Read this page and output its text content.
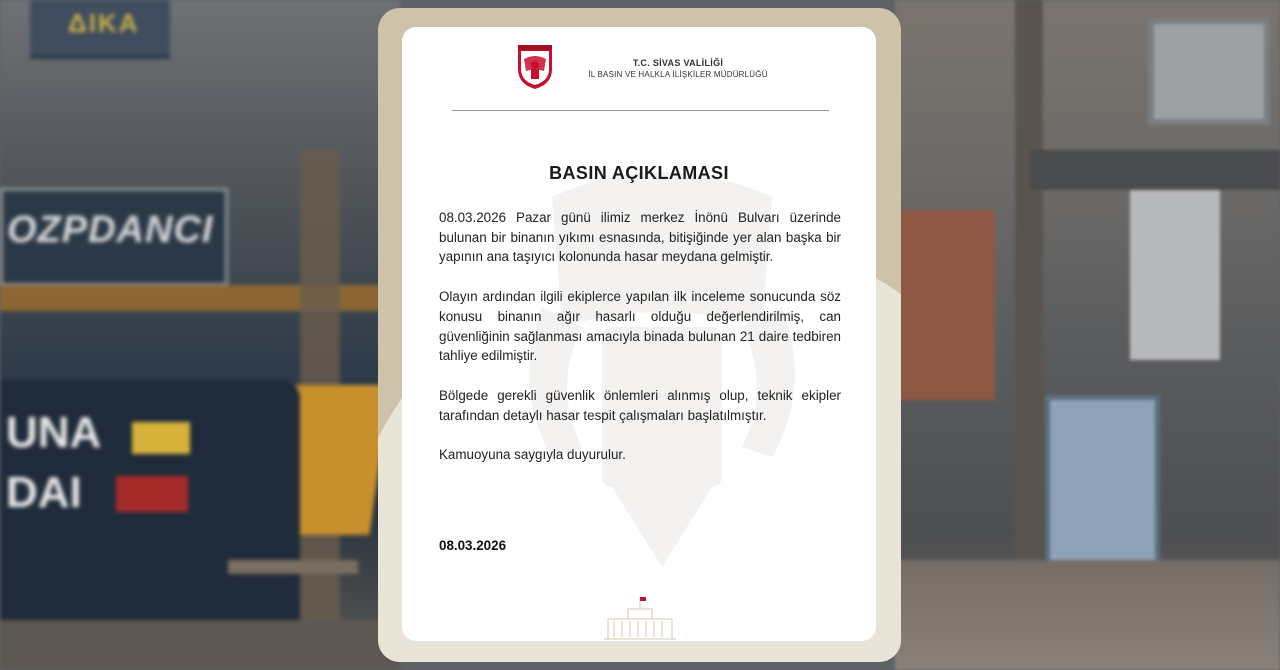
ΔΙΚΑ
OZPDANCI
UNA
DAI
T.C. SİVAS VALİLİĞİ
İL BASIN VE HALKLA İLİŞKİLER MÜDÜRLÜĞÜ
BASIN AÇIKLAMASI

08.03.2026 Pazar günü ilimiz merkez İnönü Bulvarı üzerinde bulunan bir binanın yıkımı esnasında, bitişiğinde yer alan başka bir yapının ana taşıyıcı kolonunda hasar meydana gelmiştir.

Olayın ardından ilgili ekiplerce yapılan ilk inceleme sonucunda söz konusu binanın ağır hasarlı olduğu değerlendirilmiş, can güvenliğinin sağlanması amacıyla binada bulunan 21 daire tedbiren tahliye edilmiştir.

Bölgede gerekli güvenlik önlemleri alınmış olup, teknik ekipler tarafından detaylı hasar tespit çalışmaları başlatılmıştır.

Kamuoyuna saygıyla duyurulur.

08.03.2026
